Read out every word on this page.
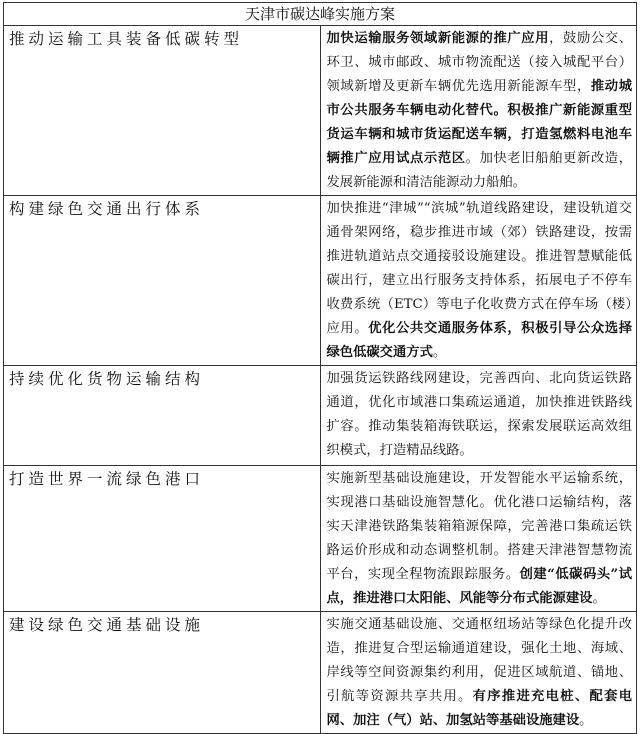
天津市碳达峰实施方案	
推动运输工具装备低碳转型	加快运输服务领域新能源的推广应用，鼓励公交、环卫、城市邮政、城市物流配送（接入城配平台）领域新增及更新车辆优先选用新能源车型，推动城市公共服务车辆电动化替代。积极推广新能源重型货运车辆和城市货运配送车辆，打造氢燃料电池车辆推广应用试点示范区。加快老旧船舶更新改造，发展新能源和清洁能源动力船舶。
构建绿色交通出行体系	加快推进“津城”“滨城”轨道线路建设，建设轨道交通骨架网络，稳步推进市域（郊）铁路建设，按需推进轨道站点交通接驳设施建设。推进智慧赋能低碳出行，建立出行服务支持体系，拓展电子不停车收费系统（ETC）等电子化收费方式在停车场（楼）应用。优化公共交通服务体系，积极引导公众选择绿色低碳交通方式。
持续优化货物运输结构	加强货运铁路线网建设，完善西向、北向货运铁路通道，优化市域港口集疏运通道，加快推进铁路线扩容。推动集装箱海铁联运，探索发展联运高效组织模式，打造精品线路。
打造世界一流绿色港口	实施新型基础设施建设，开发智能水平运输系统，实现港口基础设施智慧化。优化港口运输结构，落实天津港铁路集装箱箱源保障，完善港口集疏运铁路运价形成和动态调整机制。搭建天津港智慧物流平台，实现全程物流跟踪服务。创建“低碳码头”试点，推进港口太阳能、风能等分布式能源建设。
建设绿色交通基础设施	实施交通基础设施、交通枢纽场站等绿色化提升改造，推进复合型运输通道建设，强化土地、海域、岸线等空间资源集约利用，促进区域航道、锚地、引航等资源共享共用。有序推进充电桩、配套电网、加注（气）站、加氢站等基础设施建设。
